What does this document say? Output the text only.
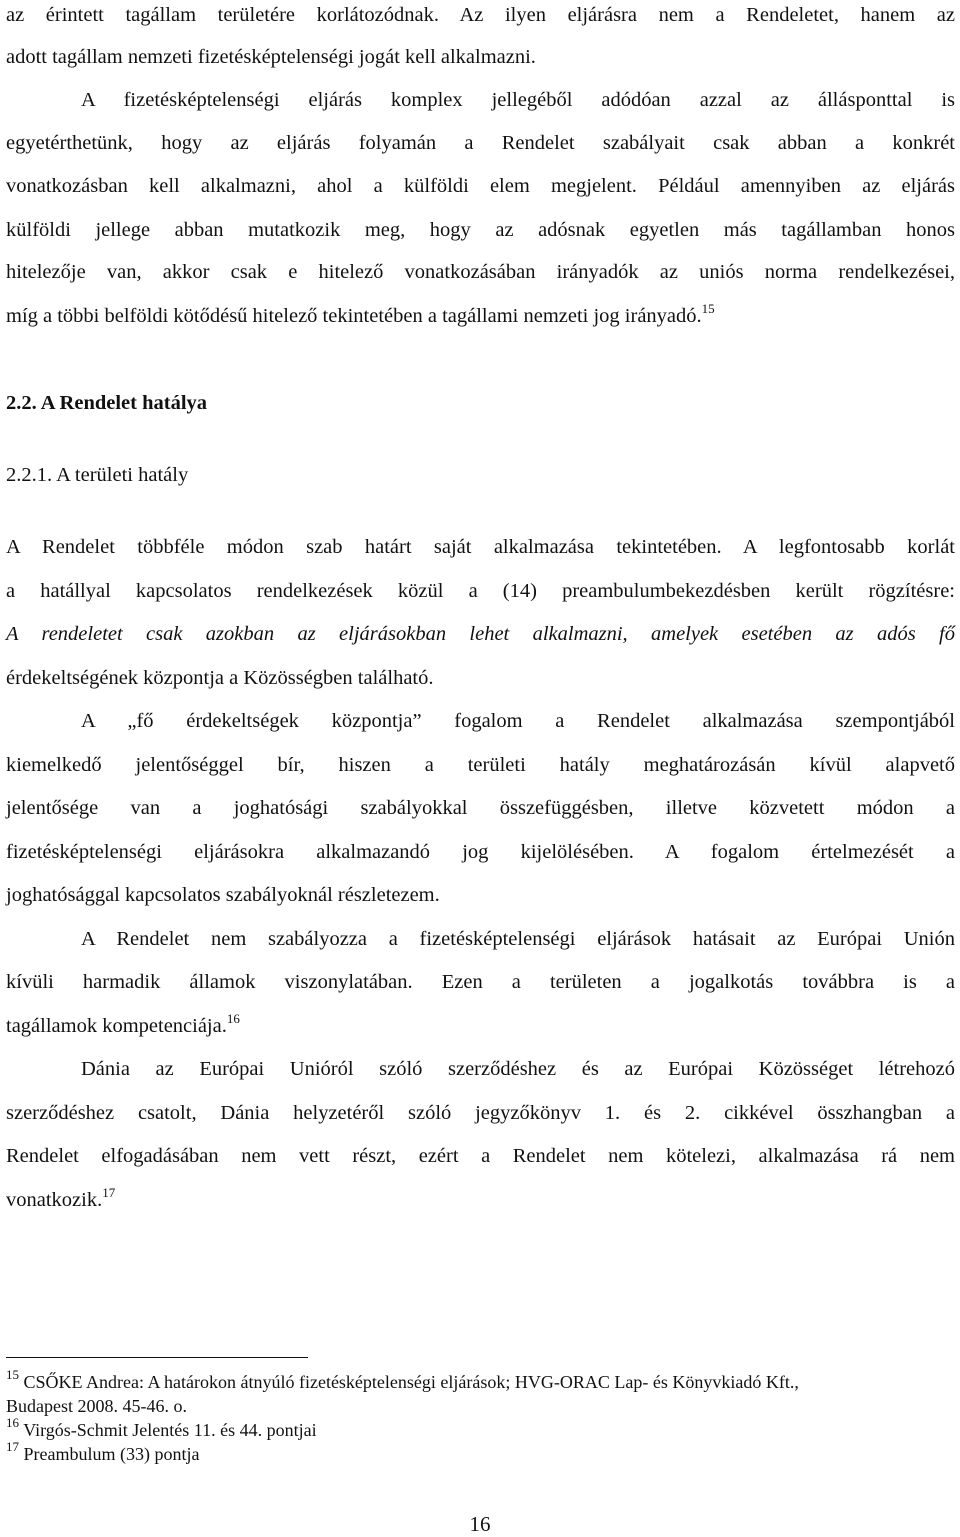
az érintett tagállam területére korlátozódnak. Az ilyen eljárásra nem a Rendeletet, hanem az
adott tagállam nemzeti fizetésképtelenségi jogát kell alkalmazni.
A fizetésképtelenségi eljárás komplex jellegéből adódóan azzal az állásponttal is
egyetérthetünk, hogy az eljárás folyamán a Rendelet szabályait csak abban a konkrét
vonatkozásban kell alkalmazni, ahol a külföldi elem megjelent. Például amennyiben az eljárás
külföldi jellege abban mutatkozik meg, hogy az adósnak egyetlen más tagállamban honos
hitelezője van, akkor csak e hitelező vonatkozásában irányadók az uniós norma rendelkezései,
míg a többi belföldi kötődésű hitelező tekintetében a tagállami nemzeti jog irányadó.$^{15}$
2.2. A Rendelet hatálya
2.2.1. A területi hatály
A Rendelet többféle módon szab határt saját alkalmazása tekintetében. A legfontosabb korlát
a hatállyal kapcsolatos rendelkezések közül a (14) preambulumbekezdésben került rögzítésre:
A rendeletet csak azokban az eljárásokban lehet alkalmazni, amelyek esetében az adós fő
érdekeltségének központja a Közösségben található.
A „fő érdekeltségek központja” fogalom a Rendelet alkalmazása szempontjából
kiemelkedő jelentőséggel bír, hiszen a területi hatály meghatározásán kívül alapvető
jelentősége van a joghatósági szabályokkal összefüggésben, illetve közvetett módon a
fizetésképtelenségi eljárásokra alkalmazandó jog kijelölésében. A fogalom értelmezését a
joghatósággal kapcsolatos szabályoknál részletezem.
A Rendelet nem szabályozza a fizetésképtelenségi eljárások hatásait az Európai Unión
kívüli harmadik államok viszonylatában. Ezen a területen a jogalkotás továbbra is a
tagállamok kompetenciája.$^{16}$
Dánia az Európai Unióról szóló szerződéshez és az Európai Közösséget létrehozó
szerződéshez csatolt, Dánia helyzetéről szóló jegyzőkönyv 1. és 2. cikkével összhangban a
Rendelet elfogadásában nem vett részt, ezért a Rendelet nem kötelezi, alkalmazása rá nem
vonatkozik.$^{17}$
$^{15}$ CSŐKE Andrea: A határokon átnyúló fizetésképtelenségi eljárások; HVG-ORAC Lap- és Könyvkiadó Kft.,
Budapest 2008. 45-46. o.
$^{16}$ Virgós-Schmit Jelentés 11. és 44. pontjai
$^{17}$ Preambulum (33) pontja
16
